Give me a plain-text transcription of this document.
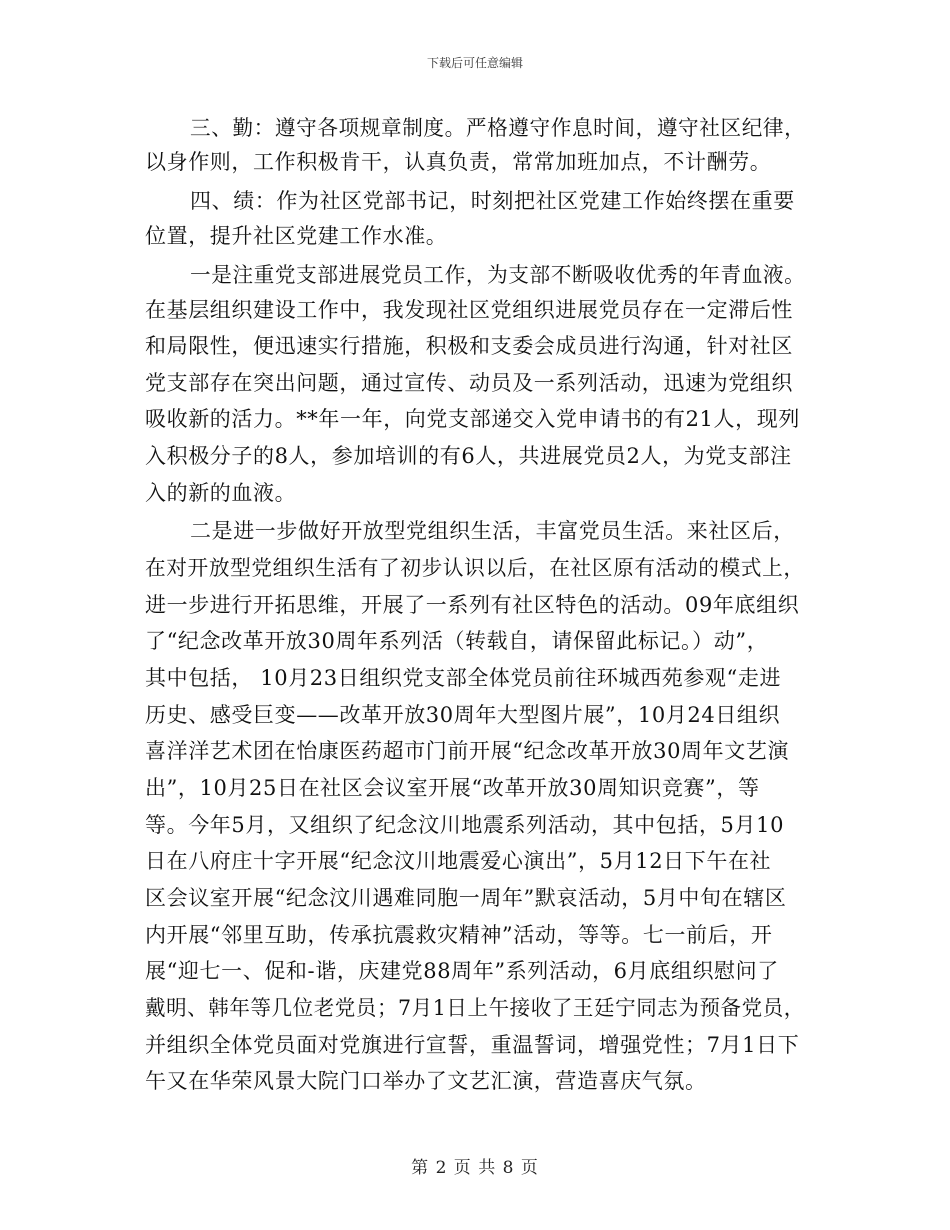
下载后可任意编辑
三、勤：遵守各项规章制度。严格遵守作息时间，遵守社区纪律，
以身作则，工作积极肯干，认真负责，常常加班加点，不计酬劳。
四、绩：作为社区党部书记，时刻把社区党建工作始终摆在重要
位置，提升社区党建工作水准。
一是注重党支部进展党员工作，为支部不断吸收优秀的年青血液。
在基层组织建设工作中，我发现社区党组织进展党员存在一定滞后性
和局限性，便迅速实行措施，积极和支委会成员进行沟通，针对社区
党支部存在突出问题，通过宣传、动员及一系列活动，迅速为党组织
吸收新的活力。**年一年，向党支部递交入党申请书的有21人，现列
入积极分子的8人，参加培训的有6人，共进展党员2人，为党支部注
入的新的血液。
二是进一步做好开放型党组织生活，丰富党员生活。来社区后，
在对开放型党组织生活有了初步认识以后，在社区原有活动的模式上，
进一步进行开拓思维，开展了一系列有社区特色的活动。09年底组织
了“纪念改革开放30周年系列活（转载自，请保留此标记。）动”，
其中包括， 10月23日组织党支部全体党员前往环城西苑参观“走进
历史、感受巨变——改革开放30周年大型图片展”，10月24日组织
喜洋洋艺术团在怡康医药超市门前开展“纪念改革开放30周年文艺演
出”，10月25日在社区会议室开展“改革开放30周知识竞赛”，等
等。今年5月，又组织了纪念汶川地震系列活动，其中包括，5月10
日在八府庄十字开展“纪念汶川地震爱心演出”，5月12日下午在社
区会议室开展“纪念汶川遇难同胞一周年”默哀活动，5月中旬在辖区
内开展“邻里互助，传承抗震救灾精神”活动，等等。七一前后，开
展“迎七一、促和-谐，庆建党88周年”系列活动，6月底组织慰问了
戴明、韩年等几位老党员；7月1日上午接收了王廷宁同志为预备党员，
并组织全体党员面对党旗进行宣誓，重温誓词，增强党性；7月1日下
午又在华荣风景大院门口举办了文艺汇演，营造喜庆气氛。
第 2 页 共 8 页
